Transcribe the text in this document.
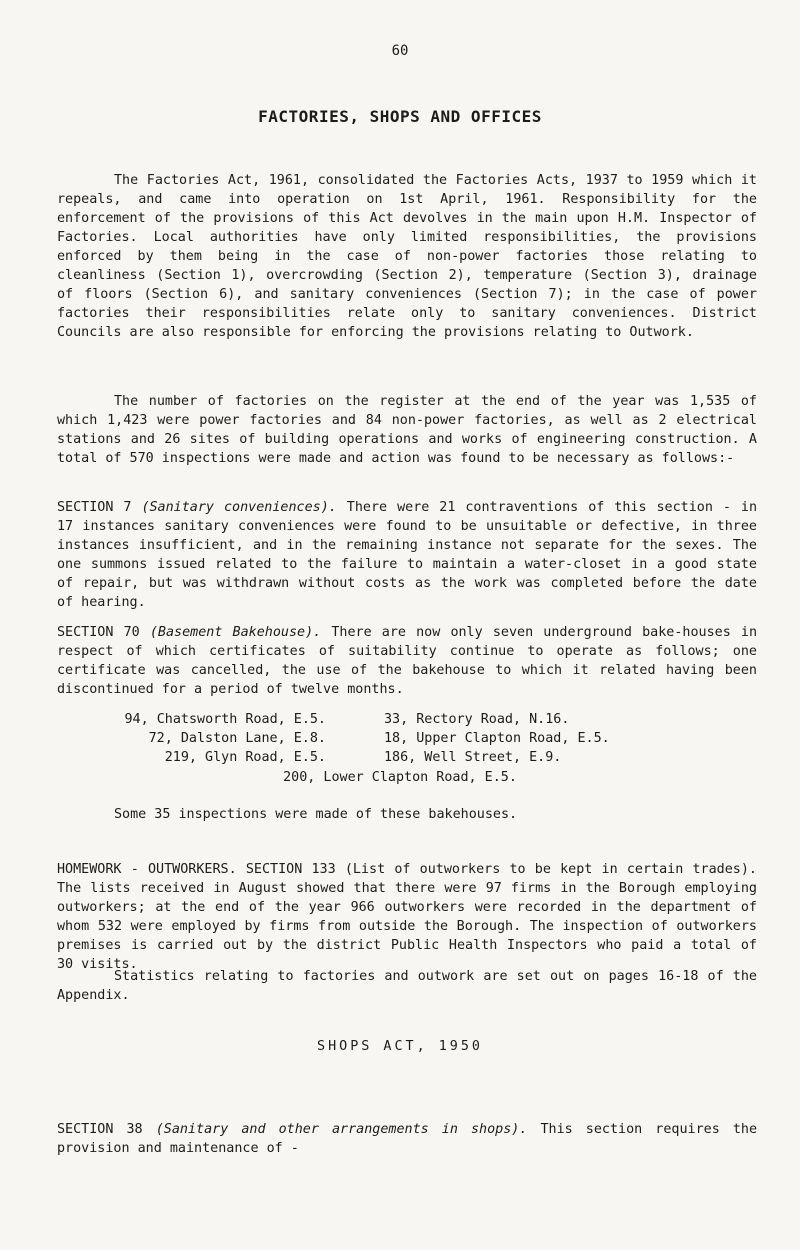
60
FACTORIES, SHOPS AND OFFICES

The Factories Act, 1961, consolidated the Factories Acts, 1937 to 1959 which it repeals, and came into operation on 1st April, 1961. Responsibility for the enforcement of the provisions of this Act devolves in the main upon H.M. Inspector of Factories. Local authorities have only limited responsibilities, the provisions enforced by them being in the case of non-power factories those relating to cleanliness (Section 1), overcrowding (Section 2), temperature (Section 3), drainage of floors (Section 6), and sanitary conveniences (Section 7); in the case of power factories their responsibilities relate only to sanitary conveniences. District Councils are also responsible for enforcing the provisions relating to Outwork.

The number of factories on the register at the end of the year was 1,535 of which 1,423 were power factories and 84 non-power factories, as well as 2 electrical stations and 26 sites of building operations and works of engineering construction. A total of 570 inspections were made and action was found to be necessary as follows:-

SECTION 7 (Sanitary conveniences). There were 21 contraventions of this section - in 17 instances sanitary conveniences were found to be unsuitable or defective, in three instances insufficient, and in the remaining instance not separate for the sexes. The one summons issued related to the failure to maintain a water-closet in a good state of repair, but was withdrawn without costs as the work was completed before the date of hearing.

SECTION 70 (Basement Bakehouse). There are now only seven underground bake-houses in respect of which certificates of suitability continue to operate as follows; one certificate was cancelled, the use of the bakehouse to which it related having been discontinued for a period of twelve months.

94, Chatsworth Road, E.5.	33, Rectory Road, N.16.
72, Dalston Lane, E.8.	18, Upper Clapton Road, E.5.
219, Glyn Road, E.5.	186, Well Street, E.9.
200, Lower Clapton Road, E.5.

Some 35 inspections were made of these bakehouses.

HOMEWORK - OUTWORKERS. SECTION 133 (List of outworkers to be kept in certain trades). The lists received in August showed that there were 97 firms in the Borough employing outworkers; at the end of the year 966 outworkers were recorded in the department of whom 532 were employed by firms from outside the Borough. The inspection of outworkers premises is carried out by the district Public Health Inspectors who paid a total of 30 visits.

Statistics relating to factories and outwork are set out on pages 16-18 of the Appendix.

SHOPS ACT, 1950

SECTION 38 (Sanitary and other arrangements in shops). This section requires the provision and maintenance of -
